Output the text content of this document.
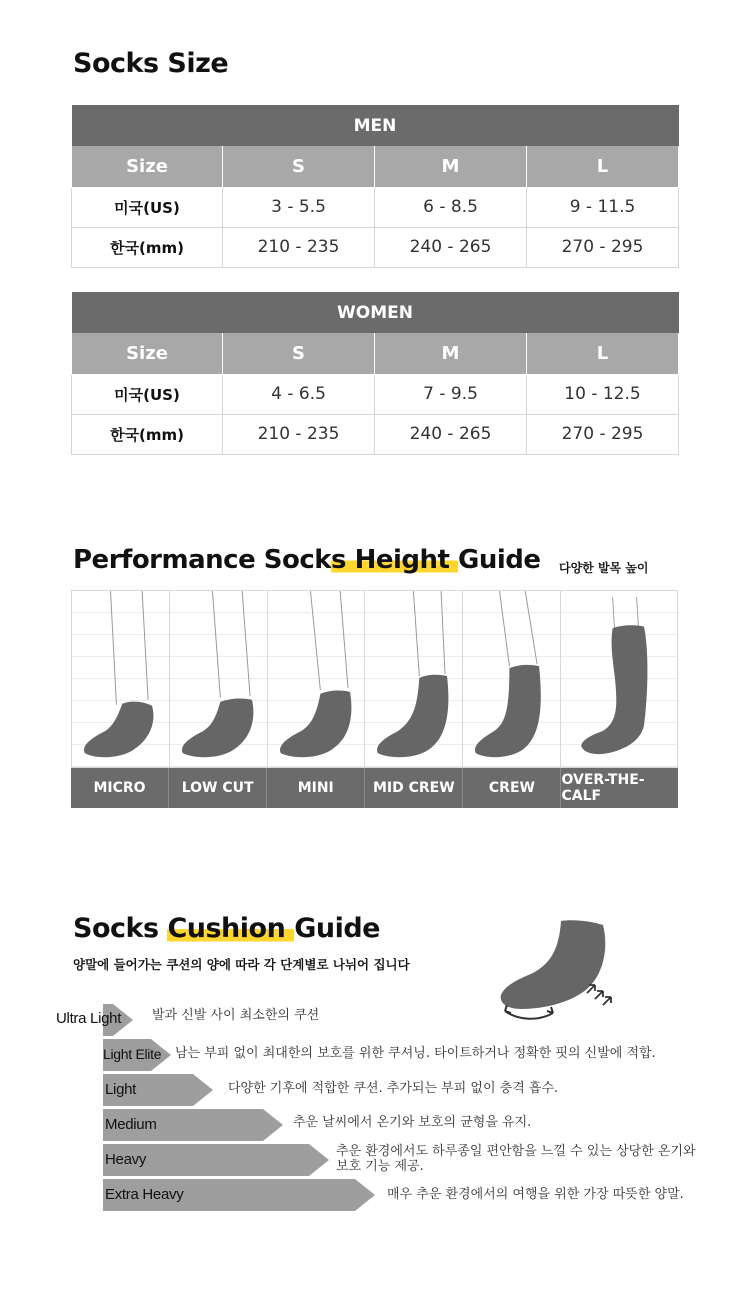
Socks Size
MEN			
Size	S	M	L
미국(US)	3 - 5.5	6 - 8.5	9 - 11.5
한국(mm)	210 - 235	240 - 265	270 - 295
WOMEN			
Size	S	M	L
미국(US)	4 - 6.5	7 - 9.5	10 - 12.5
한국(mm)	210 - 235	240 - 265	270 - 295
Performance Socks Height Guide 다양한 발목 높이
MICRO	LOW CUT	MINI	MID CREW	CREW	OVER-THE-CALF
Socks Cushion Guide
양말에 들어가는 쿠션의 양에 따라 각 단계별로 나뉘어 집니다
Ultra Light 발과 신발 사이 최소한의 쿠션
Light Elite 남는 부피 없이 최대한의 보호를 위한 쿠셔닝. 타이트하거나 정확한 핏의 신발에 적합.
Light	다양한 기후에 적합한 쿠션. 추가되는 부피 없이 충격 흡수.
Medium	추운 날씨에서 온기와 보호의 균형을 유지.
Heavy	추운 환경에서도 하루종일 편안함을 느낄 수 있는 상당한 온기와
보호 기능 제공.
Extra Heavy	매우 추운 환경에서의 여행을 위한 가장 따뜻한 양말.
